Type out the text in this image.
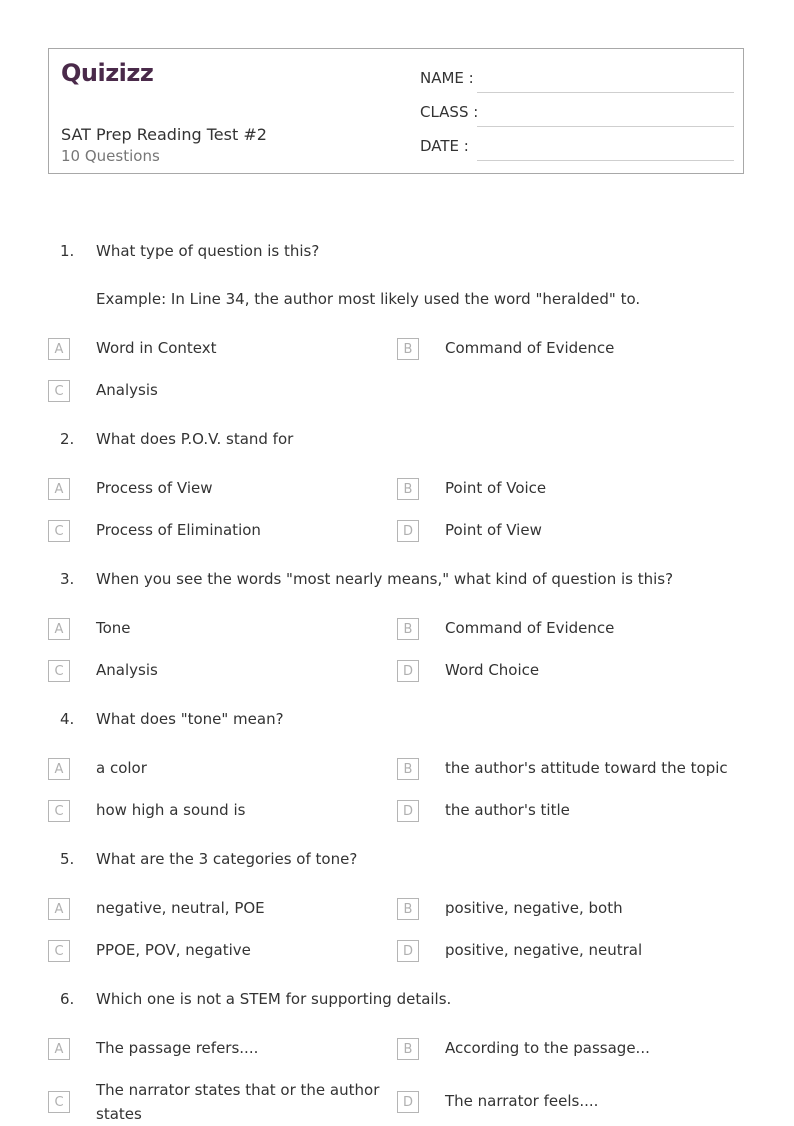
Quizizz
SAT Prep Reading Test #2
10 Questions
NAME :
CLASS :
DATE :
1. What type of question is this?
Example: In Line 34, the author most likely used the word "heralded" to.
A	Word in Context	B	Command of Evidence
C	Analysis
2. What does P.O.V. stand for
A	Process of View	B	Point of Voice
C	Process of Elimination	D	Point of View
3. When you see the words "most nearly means," what kind of question is this?
A	Tone	B	Command of Evidence
C	Analysis	D	Word Choice
4. What does "tone" mean?
A	a color	B	the author's attitude toward the topic
C	how high a sound is	D	the author's title
5. What are the 3 categories of tone?
A	negative, neutral, POE	B	positive, negative, both
C	PPOE, POV, negative	D	positive, negative, neutral
6. Which one is not a STEM for supporting details.
A	The passage refers....	B	According to the passage...
C
The narrator states that or the author states
D	The narrator feels....
